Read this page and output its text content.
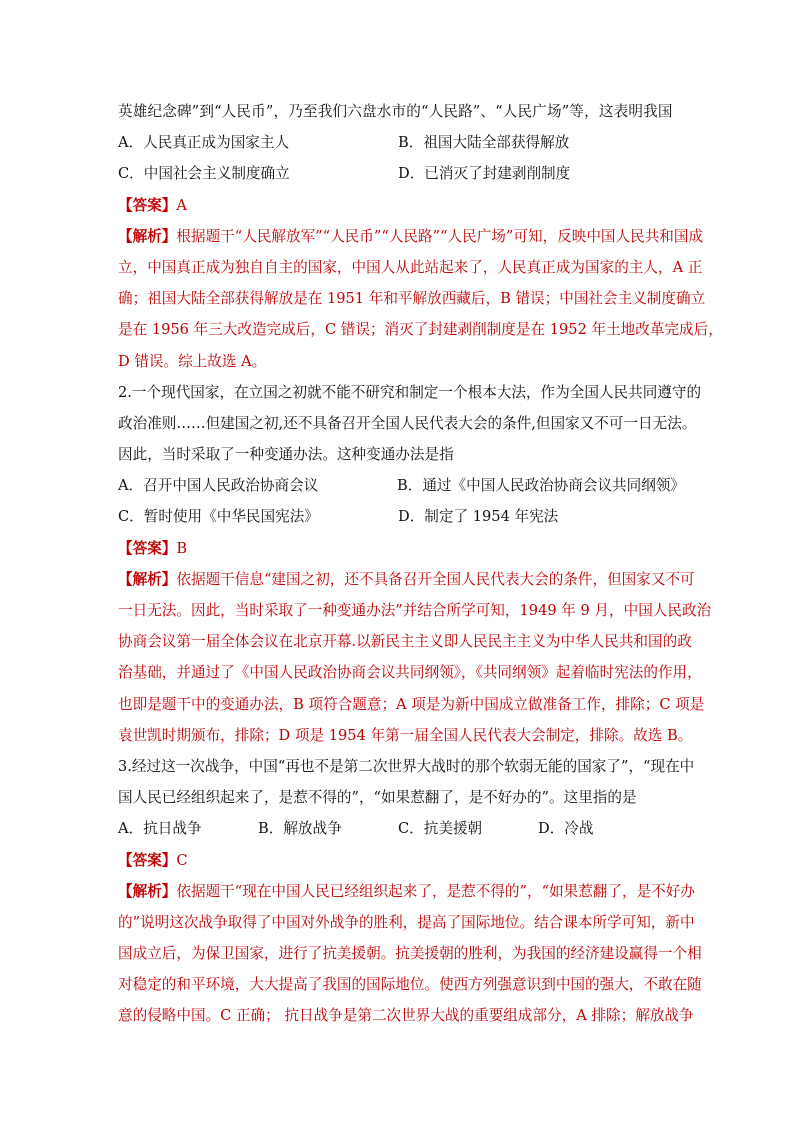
英雄纪念碑”到“人民币”，乃至我们六盘水市的“人民路”、“人民广场”等，这表明我国
A．人民真正成为国家主人	B．祖国大陆全部获得解放
C．中国社会主义制度确立	D．已消灭了封建剥削制度
【答案】A
【解析】根据题干“人民解放军”“人民币”“人民路”“人民广场”可知，反映中国人民共和国成
立，中国真正成为独自自主的国家，中国人从此站起来了，人民真正成为国家的主人，A 正
确；祖国大陆全部获得解放是在 1951 年和平解放西藏后，B 错误；中国社会主义制度确立
是在 1956 年三大改造完成后，C 错误；消灭了封建剥削制度是在 1952 年土地改革完成后，
D 错误。综上故选 A。
2.一个现代国家，在立国之初就不能不研究和制定一个根本大法，作为全国人民共同遵守的
政治准则……但建国之初,还不具备召开全国人民代表大会的条件,但国家又不可一日无法。
因此，当时采取了一种变通办法。这种变通办法是指
A．召开中国人民政治协商会议	B．通过《中国人民政治协商会议共同纲领》
C．暂时使用《中华民国宪法》	D．制定了 1954 年宪法
【答案】B
【解析】依据题干信息“建国之初，还不具备召开全国人民代表大会的条件，但国家又不可
一日无法。因此，当时采取了一种变通办法”并结合所学可知，1949 年 9 月，中国人民政治
协商会议第一届全体会议在北京开幕.以新民主主义即人民民主主义为中华人民共和国的政
治基础，并通过了《中国人民政治协商会议共同纲领》，《共同纲领》起着临时宪法的作用，
也即是题干中的变通办法，B 项符合题意；A 项是为新中国成立做准备工作，排除；C 项是
袁世凯时期颁布，排除；D 项是 1954 年第一届全国人民代表大会制定，排除。故选 B。
3.经过这一次战争，中国“再也不是第二次世界大战时的那个软弱无能的国家了”，“现在中
国人民已经组织起来了，是惹不得的”，“如果惹翻了，是不好办的”。这里指的是
A．抗日战争	B．解放战争	C．抗美援朝	D．冷战
【答案】C
【解析】依据题干“现在中国人民已经组织起来了，是惹不得的”，“如果惹翻了，是不好办
的”说明这次战争取得了中国对外战争的胜利，提高了国际地位。结合课本所学可知，新中
国成立后，为保卫国家，进行了抗美援朝。抗美援朝的胜利，为我国的经济建设赢得一个相
对稳定的和平环境，大大提高了我国的国际地位。使西方列强意识到中国的强大，不敢在随
意的侵略中国。C 正确； 抗日战争是第二次世界大战的重要组成部分，A 排除；解放战争
